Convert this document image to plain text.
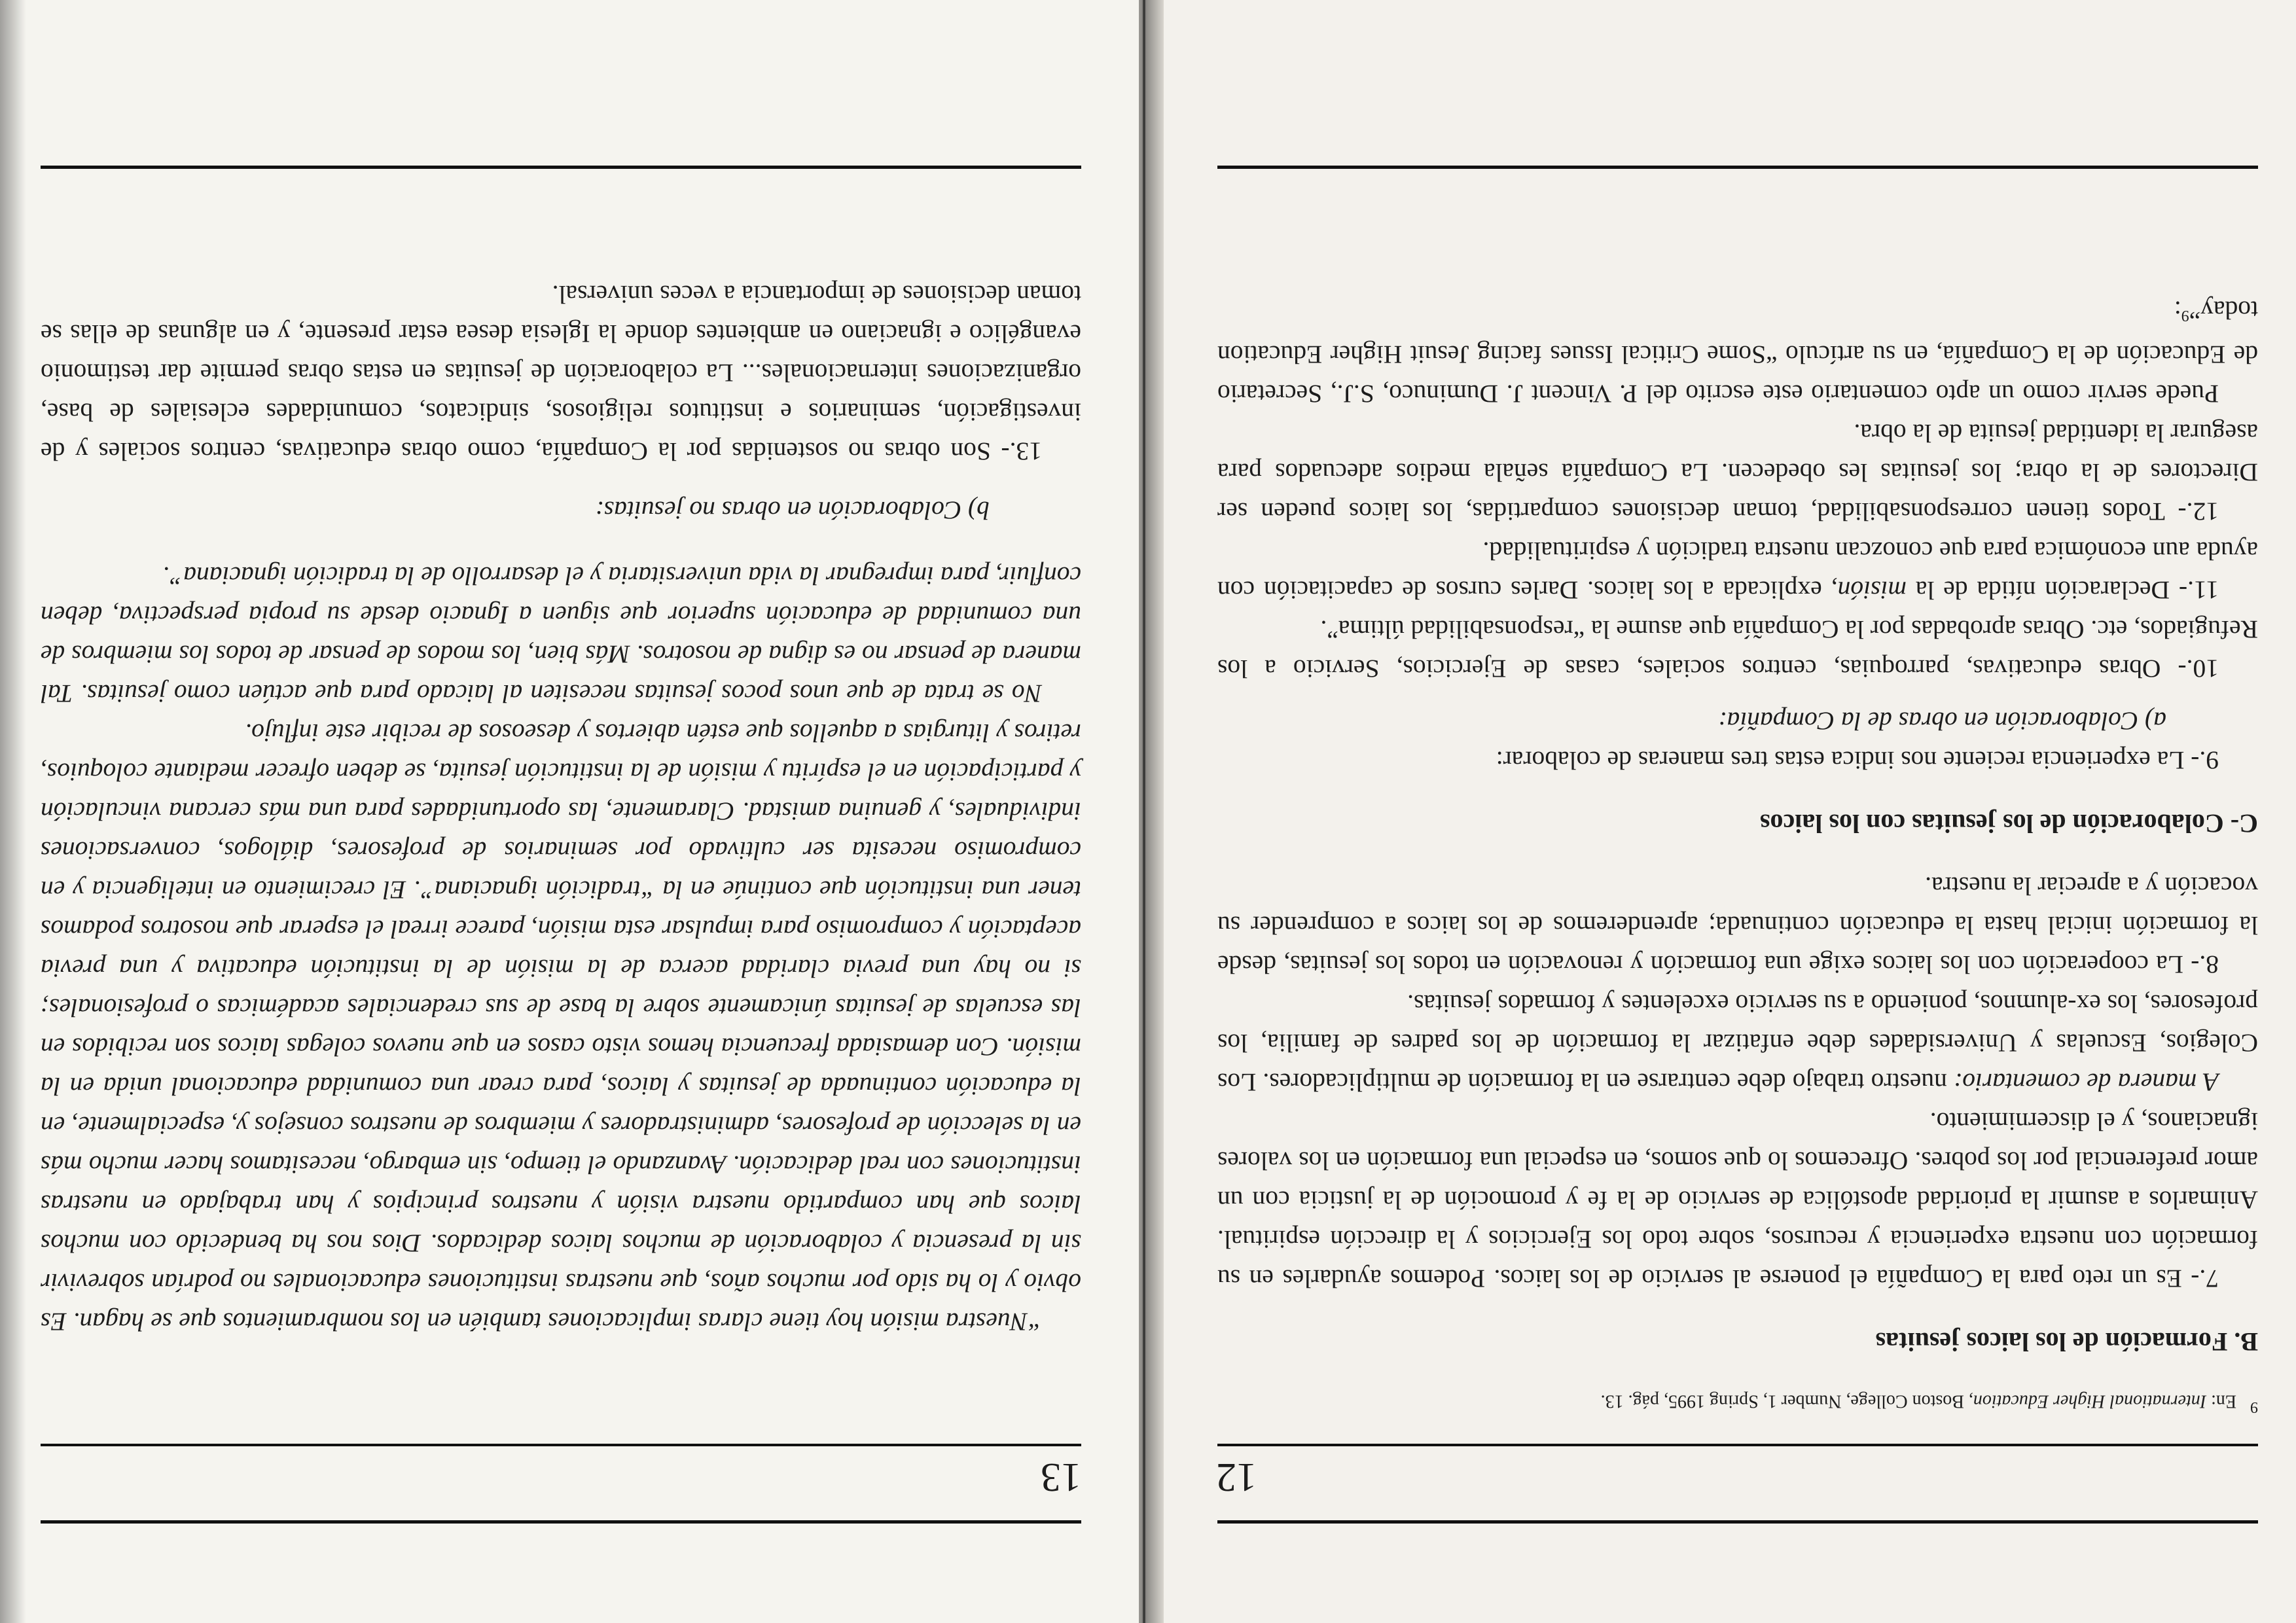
12
$^9$   En: International Higher Education, Boston College, Number 1, Spring 1995, pág. 13.

B. Formación de los laicos jesuitas

7.- Es un reto para la Compañía el ponerse al servicio de los laicos. Podemos ayudarles en su formación con nuestra experiencia y recursos, sobre todo los Ejercicios y la dirección espiritual. Animarlos a asumir la prioridad apostólica de servicio de la fe y promoción de la justicia con un amor preferencial por los pobres. Ofrecemos lo que somos, en especial una formación en los valores ignacianos, y el discernimiento.

A manera de comentario: nuestro trabajo debe centrarse en la formación de multiplicadores. Los Colegios, Escuelas y Universidades debe enfatizar la formación de los padres de familia, los profesores, los ex-alumnos, poniendo a su servicio excelentes y formados jesuitas.

8.- La cooperación con los laicos exige una formación y renovación en todos los jesuitas, desde la formación inicial hasta la educación continuada; aprenderemos de los laicos a comprender su vocación y a apreciar la nuestra.

C- Colaboración de los jesuitas con los laicos

9.- La experiencia reciente nos indica estas tres maneras de colaborar:

a) Colaboración en obras de la Compañía:

10.- Obras educativas, parroquias, centros sociales, casas de Ejercicios, Servicio a los Refugiados, etc. Obras aprobadas por la Compañía que asume la “responsabilidad última”.

11.- Declaración nítida de la misión, explicada a los laicos. Darles cursos de capacitación con ayuda aun económica para que conozcan nuestra tradición y espiritualidad.

12.- Todos tienen corresponsabilidad, toman decisiones compartidas, los laicos pueden ser Directores de la obra; los jesuitas les obedecen. La Compañía señala medios adecuados para asegurar la identidad jesuita de la obra.

Puede servir como un apto comentario este escrito del P. Vincent J. Duminuco, S.J., Secretario de Educación de la Compañía, en su artículo “Some Critical Issues facing Jesuit Higher Education today”$^9$:

13

“Nuestra misión hoy tiene claras implicaciones también en los nombramientos que se hagan. Es obvio y lo ha sido por muchos años, que nuestras instituciones educacionales no podrían sobrevivir sin la presencia y colaboración de muchos laicos dedicados. Dios nos ha bendecido con muchos laicos que han compartido nuestra visión y nuestros principios y han trabajado en nuestras instituciones con real dedicación. Avanzando el tiempo, sin embargo, necesitamos hacer mucho más en la selección de profesores, administradores y miembros de nuestros consejos y, especialmente, en la educación continuada de jesuitas y laicos, para crear una comunidad educacional unida en la misión. Con demasiada frecuencia hemos visto casos en que nuevos colegas laicos son recibidos en las escuelas de jesuitas únicamente sobre la base de sus credenciales académicas o profesionales; si no hay una previa claridad acerca de la misión de la institución educativa y una previa aceptación y compromiso para impulsar esta misión, parece irreal el esperar que nosotros podamos tener una institución que continúe en la “tradición ignaciana”. El crecimiento en inteligencia y en compromiso necesita ser cultivado por seminarios de profesores, diálogos, conversaciones individuales, y genuina amistad. Claramente, las oportunidades para una más cercana vinculación y participación en el espíritu y misión de la institución jesuita, se deben ofrecer mediante coloquios, retiros y liturgias a aquellos que estén abiertos y deseosos de recibir este influjo.

No se trata de que unos pocos jesuitas necesiten al laicado para que actúen como jesuitas. Tal manera de pensar no es digna de nosotros. Más bien, los modos de pensar de todos los miembros de una comunidad de educación superior que siguen a Ignacio desde su propia perspectiva, deben confluir, para impregnar la vida universitaria y el desarrollo de la tradición ignaciana”.

b) Colaboración en obras no jesuitas:

13.- Son obras no sostenidas por la Compañía, como obras educativas, centros sociales y de investigación, seminarios e institutos religiosos, sindicatos, comunidades eclesiales de base, organizaciones internacionales... La colaboración de jesuitas en estas obras permite dar testimonio evangélico e ignaciano en ambientes donde la Iglesia desea estar presente, y en algunas de ellas se toman decisiones de importancia a veces universal.
